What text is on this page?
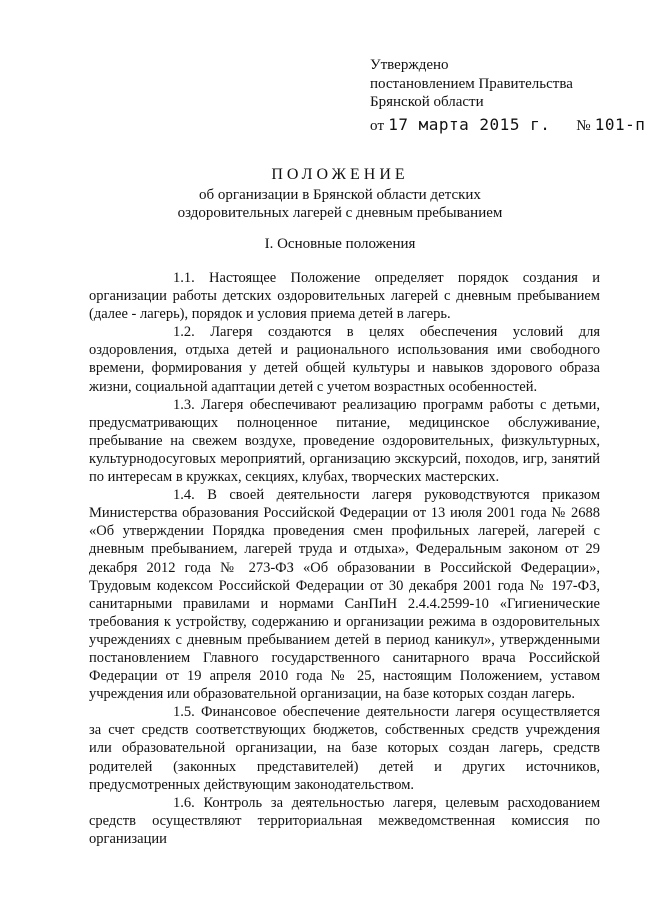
Утверждено
постановлением Правительства
Брянской области
от 17 марта 2015 г. № 101-п
ПОЛОЖЕНИЕ
об организации в Брянской области детских
оздоровительных лагерей с дневным пребыванием
I. Основные положения

1.1. Настоящее Положение определяет порядок создания и организации работы детских оздоровительных лагерей с дневным пребыванием (далее - лагерь), порядок и условия приема детей в лагерь.

1.2. Лагеря создаются в целях обеспечения условий для оздоровления, отдыха детей и рационального использования ими свободного времени, формирования у детей общей культуры и навыков здорового образа жизни, социальной адаптации детей с учетом возрастных особенностей.

1.3. Лагеря обеспечивают реализацию программ работы с детьми, предусматривающих полноценное питание, медицинское обслуживание, пребывание на свежем воздухе, проведение оздоровительных, физкультурных, культурнодосуговых мероприятий, организацию экскурсий, походов, игр, занятий по интересам в кружках, секциях, клубах, творческих мастерских.

1.4. В своей деятельности лагеря руководствуются приказом Министерства образования Российской Федерации от 13 июля 2001 года № 2688 «Об утверждении Порядка проведения смен профильных лагерей, лагерей с дневным пребыванием, лагерей труда и отдыха», Федеральным законом от 29 декабря 2012 года № 273-ФЗ «Об образовании в Российской Федерации», Трудовым кодексом Российской Федерации от 30 декабря 2001 года № 197-ФЗ, санитарными правилами и нормами СанПиН 2.4.4.2599-10 «Гигиенические требования к устройству, содержанию и организации режима в оздоровительных учреждениях с дневным пребыванием детей в период каникул», утвержденными постановлением Главного государственного санитарного врача Российской Федерации от 19 апреля 2010 года № 25, настоящим Положением, уставом учреждения или образовательной организации, на базе которых создан лагерь.

1.5. Финансовое обеспечение деятельности лагеря осуществляется за счет средств соответствующих бюджетов, собственных средств учреждения или образовательной организации, на базе которых создан лагерь, средств родителей (законных представителей) детей и других источников, предусмотренных действующим законодательством.

1.6. Контроль за деятельностью лагеря, целевым расходованием средств осуществляют территориальная межведомственная комиссия по организации
